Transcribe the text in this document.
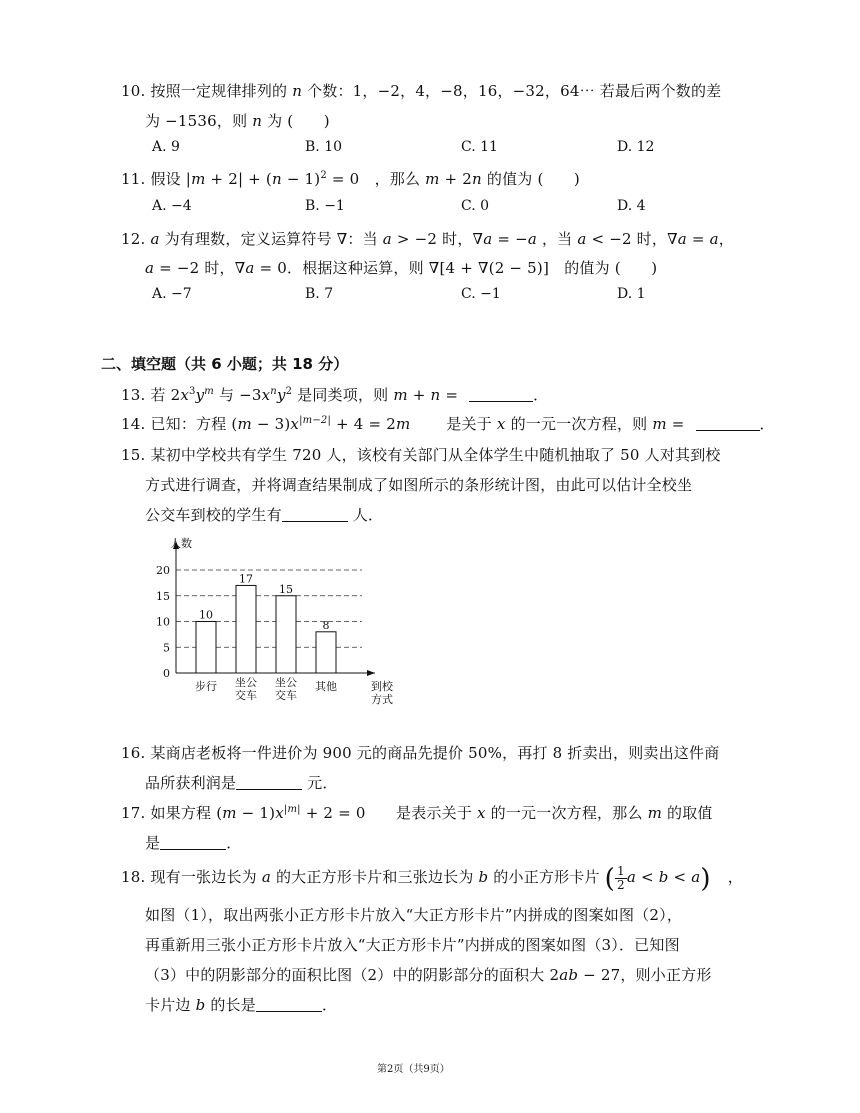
10. 按照一定规律排列的 n 个数：1，−2，4，−8，16，−32，64⋯ 若最后两个数的差
为 −1536，则 n 为 (　　)
A. 9	B. 10	C. 11	D. 12
11. 假设 $|m + 2| + (n - 1)^2 = 0$　，那么 m + 2n 的值为 (　　)
A. −4	B. −1	C. 0	D. 4
12. a 为有理数，定义运算符号 ∇：当 a > −2 时，∇a = −a ，当 a < −2 时，∇a = a，
a = −2 时，∇a = 0．根据这种运算，则 ∇[4 + ∇(2 − 5)]　的值为 (　　)
A. −7	B. 7	C. −1	D. 1
二、填空题（共 6 小题；共 18 分）
13. 若 $2x^3y^m$ 与 $-3x^ny^2$ 是同类项，则 m + n =	．
14. 已知：方程 $(m - 3)x^{|m-2|} + 4 = 2m$ 是关于 x 的一元一次方程，则 m =	．
15. 某初中学校共有学生 720 人，该校有关部门从全体学生中随机抽取了 50 人对其到校
方式进行调查，并将调查结果制成了如图所示的条形统计图，由此可以估计全校坐
公交车到校的学生有	人．
0
5
10
15
20
人数
10
步行
17
坐公
交车
15
坐公
交车
8
其他	到校
方式
16. 某商店老板将一件进价为 900 元的商品先提价 50%，再打 8 折卖出，则卖出这件商
品所获利润是	元．
17. 如果方程 $(m - 1)x^{|m|} + 2 = 0$　　是表示关于 x 的一元一次方程，那么 m 的取值
是	．
18. 现有一张边长为 a 的大正方形卡片和三张边长为 b 的小正方形卡片 ( $\frac{1}{2}$ a < b < a) ，
如图（1），取出两张小正方形卡片放入“大正方形卡片”内拼成的图案如图（2），
再重新用三张小正方形卡片放入“大正方形卡片”内拼成的图案如图（3）．已知图
（3）中的阴影部分的面积比图（2）中的阴影部分的面积大 2ab − 27，则小正方形
卡片边 b 的长是	．
第2页（共9页）
